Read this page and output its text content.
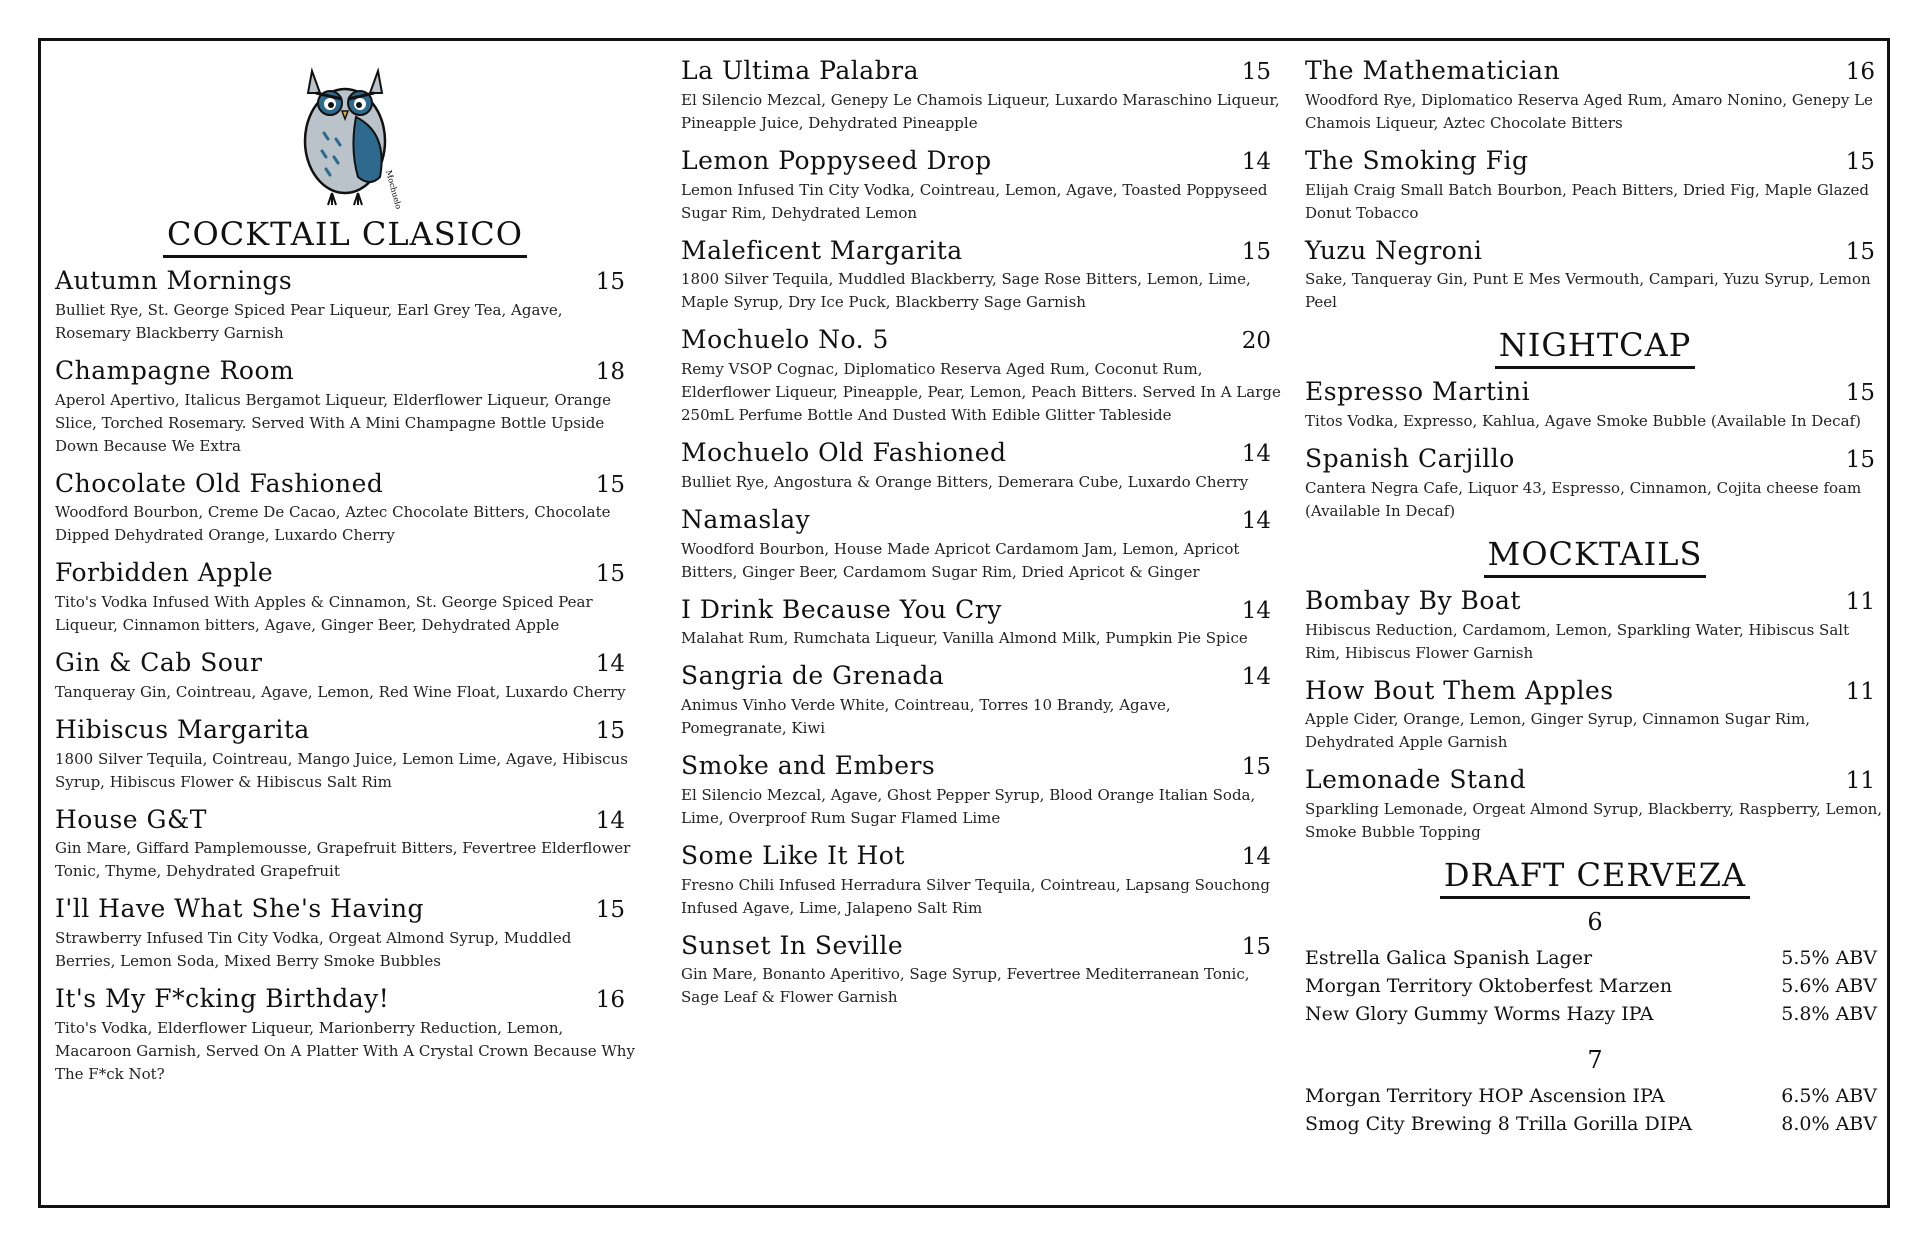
Mochuelo
COCKTAIL CLASICO
Autumn Mornings	15
Bulliet Rye, St. George Spiced Pear Liqueur, Earl Grey Tea, Agave, Rosemary Blackberry Garnish
Champagne Room	18
Aperol Apertivo, Italicus Bergamot Liqueur, Elderflower Liqueur, Orange Slice, Torched Rosemary. Served With A Mini Champagne Bottle Upside Down Because We Extra
Chocolate Old Fashioned	15
Woodford Bourbon, Creme De Cacao, Aztec Chocolate Bitters, Chocolate Dipped Dehydrated Orange, Luxardo Cherry
Forbidden Apple	15
Tito's Vodka Infused With Apples & Cinnamon, St. George Spiced Pear Liqueur, Cinnamon bitters, Agave, Ginger Beer, Dehydrated Apple
Gin & Cab Sour	14
Tanqueray Gin, Cointreau, Agave, Lemon, Red Wine Float, Luxardo Cherry
Hibiscus Margarita	15
1800 Silver Tequila, Cointreau, Mango Juice, Lemon Lime, Agave, Hibiscus Syrup, Hibiscus Flower & Hibiscus Salt Rim
House G&T	14
Gin Mare, Giffard Pamplemousse, Grapefruit Bitters, Fevertree Elderflower Tonic, Thyme, Dehydrated Grapefruit
I'll Have What She's Having	15
Strawberry Infused Tin City Vodka, Orgeat Almond Syrup, Muddled Berries, Lemon Soda, Mixed Berry Smoke Bubbles
It's My F*cking Birthday!	16
Tito's Vodka, Elderflower Liqueur, Marionberry Reduction, Lemon, Macaroon Garnish, Served On A Platter With A Crystal Crown Because Why The F*ck Not?
La Ultima Palabra	15
El Silencio Mezcal, Genepy Le Chamois Liqueur, Luxardo Maraschino Liqueur, Pineapple Juice, Dehydrated Pineapple
Lemon Poppyseed Drop	14
Lemon Infused Tin City Vodka, Cointreau, Lemon, Agave, Toasted Poppyseed Sugar Rim, Dehydrated Lemon
Maleficent Margarita	15
1800 Silver Tequila, Muddled Blackberry, Sage Rose Bitters, Lemon, Lime, Maple Syrup, Dry Ice Puck, Blackberry Sage Garnish
Mochuelo No. 5	20
Remy VSOP Cognac, Diplomatico Reserva Aged Rum, Coconut Rum, Elderflower Liqueur, Pineapple, Pear, Lemon, Peach Bitters. Served In A Large 250mL Perfume Bottle And Dusted With Edible Glitter Tableside
Mochuelo Old Fashioned	14
Bulliet Rye, Angostura & Orange Bitters, Demerara Cube, Luxardo Cherry
Namaslay	14
Woodford Bourbon, House Made Apricot Cardamom Jam, Lemon, Apricot Bitters, Ginger Beer, Cardamom Sugar Rim, Dried Apricot & Ginger
I Drink Because You Cry	14
Malahat Rum, Rumchata Liqueur, Vanilla Almond Milk, Pumpkin Pie Spice
Sangria de Grenada	14
Animus Vinho Verde White, Cointreau, Torres 10 Brandy, Agave, Pomegranate, Kiwi
Smoke and Embers	15
El Silencio Mezcal, Agave, Ghost Pepper Syrup, Blood Orange Italian Soda, Lime, Overproof Rum Sugar Flamed Lime
Some Like It Hot	14
Fresno Chili Infused Herradura Silver Tequila, Cointreau, Lapsang Souchong Infused Agave, Lime, Jalapeno Salt Rim
Sunset In Seville	15
Gin Mare, Bonanto Aperitivo, Sage Syrup, Fevertree Mediterranean Tonic, Sage Leaf & Flower Garnish
The Mathematician	16
Woodford Rye, Diplomatico Reserva Aged Rum, Amaro Nonino, Genepy Le Chamois Liqueur, Aztec Chocolate Bitters
The Smoking Fig	15
Elijah Craig Small Batch Bourbon, Peach Bitters, Dried Fig, Maple Glazed Donut Tobacco
Yuzu Negroni	15
Sake, Tanqueray Gin, Punt E Mes Vermouth, Campari, Yuzu Syrup, Lemon Peel
NIGHTCAP
Espresso Martini	15
Titos Vodka, Expresso, Kahlua, Agave Smoke Bubble (Available In Decaf)
Spanish Carjillo	15
Cantera Negra Cafe, Liquor 43, Espresso, Cinnamon, Cojita cheese foam (Available In Decaf)
MOCKTAILS
Bombay By Boat	11
Hibiscus Reduction, Cardamom, Lemon, Sparkling Water, Hibiscus Salt Rim, Hibiscus Flower Garnish
How Bout Them Apples	11
Apple Cider, Orange, Lemon, Ginger Syrup, Cinnamon Sugar Rim, Dehydrated Apple Garnish
Lemonade Stand	11
Sparkling Lemonade, Orgeat Almond Syrup, Blackberry, Raspberry, Lemon, Smoke Bubble Topping
DRAFT CERVEZA
6
Estrella Galica Spanish Lager	5.5% ABV
Morgan Territory Oktoberfest Marzen	5.6% ABV
New Glory Gummy Worms Hazy IPA	5.8% ABV
7
Morgan Territory HOP Ascension IPA	6.5% ABV
Smog City Brewing 8 Trilla Gorilla DIPA	8.0% ABV
